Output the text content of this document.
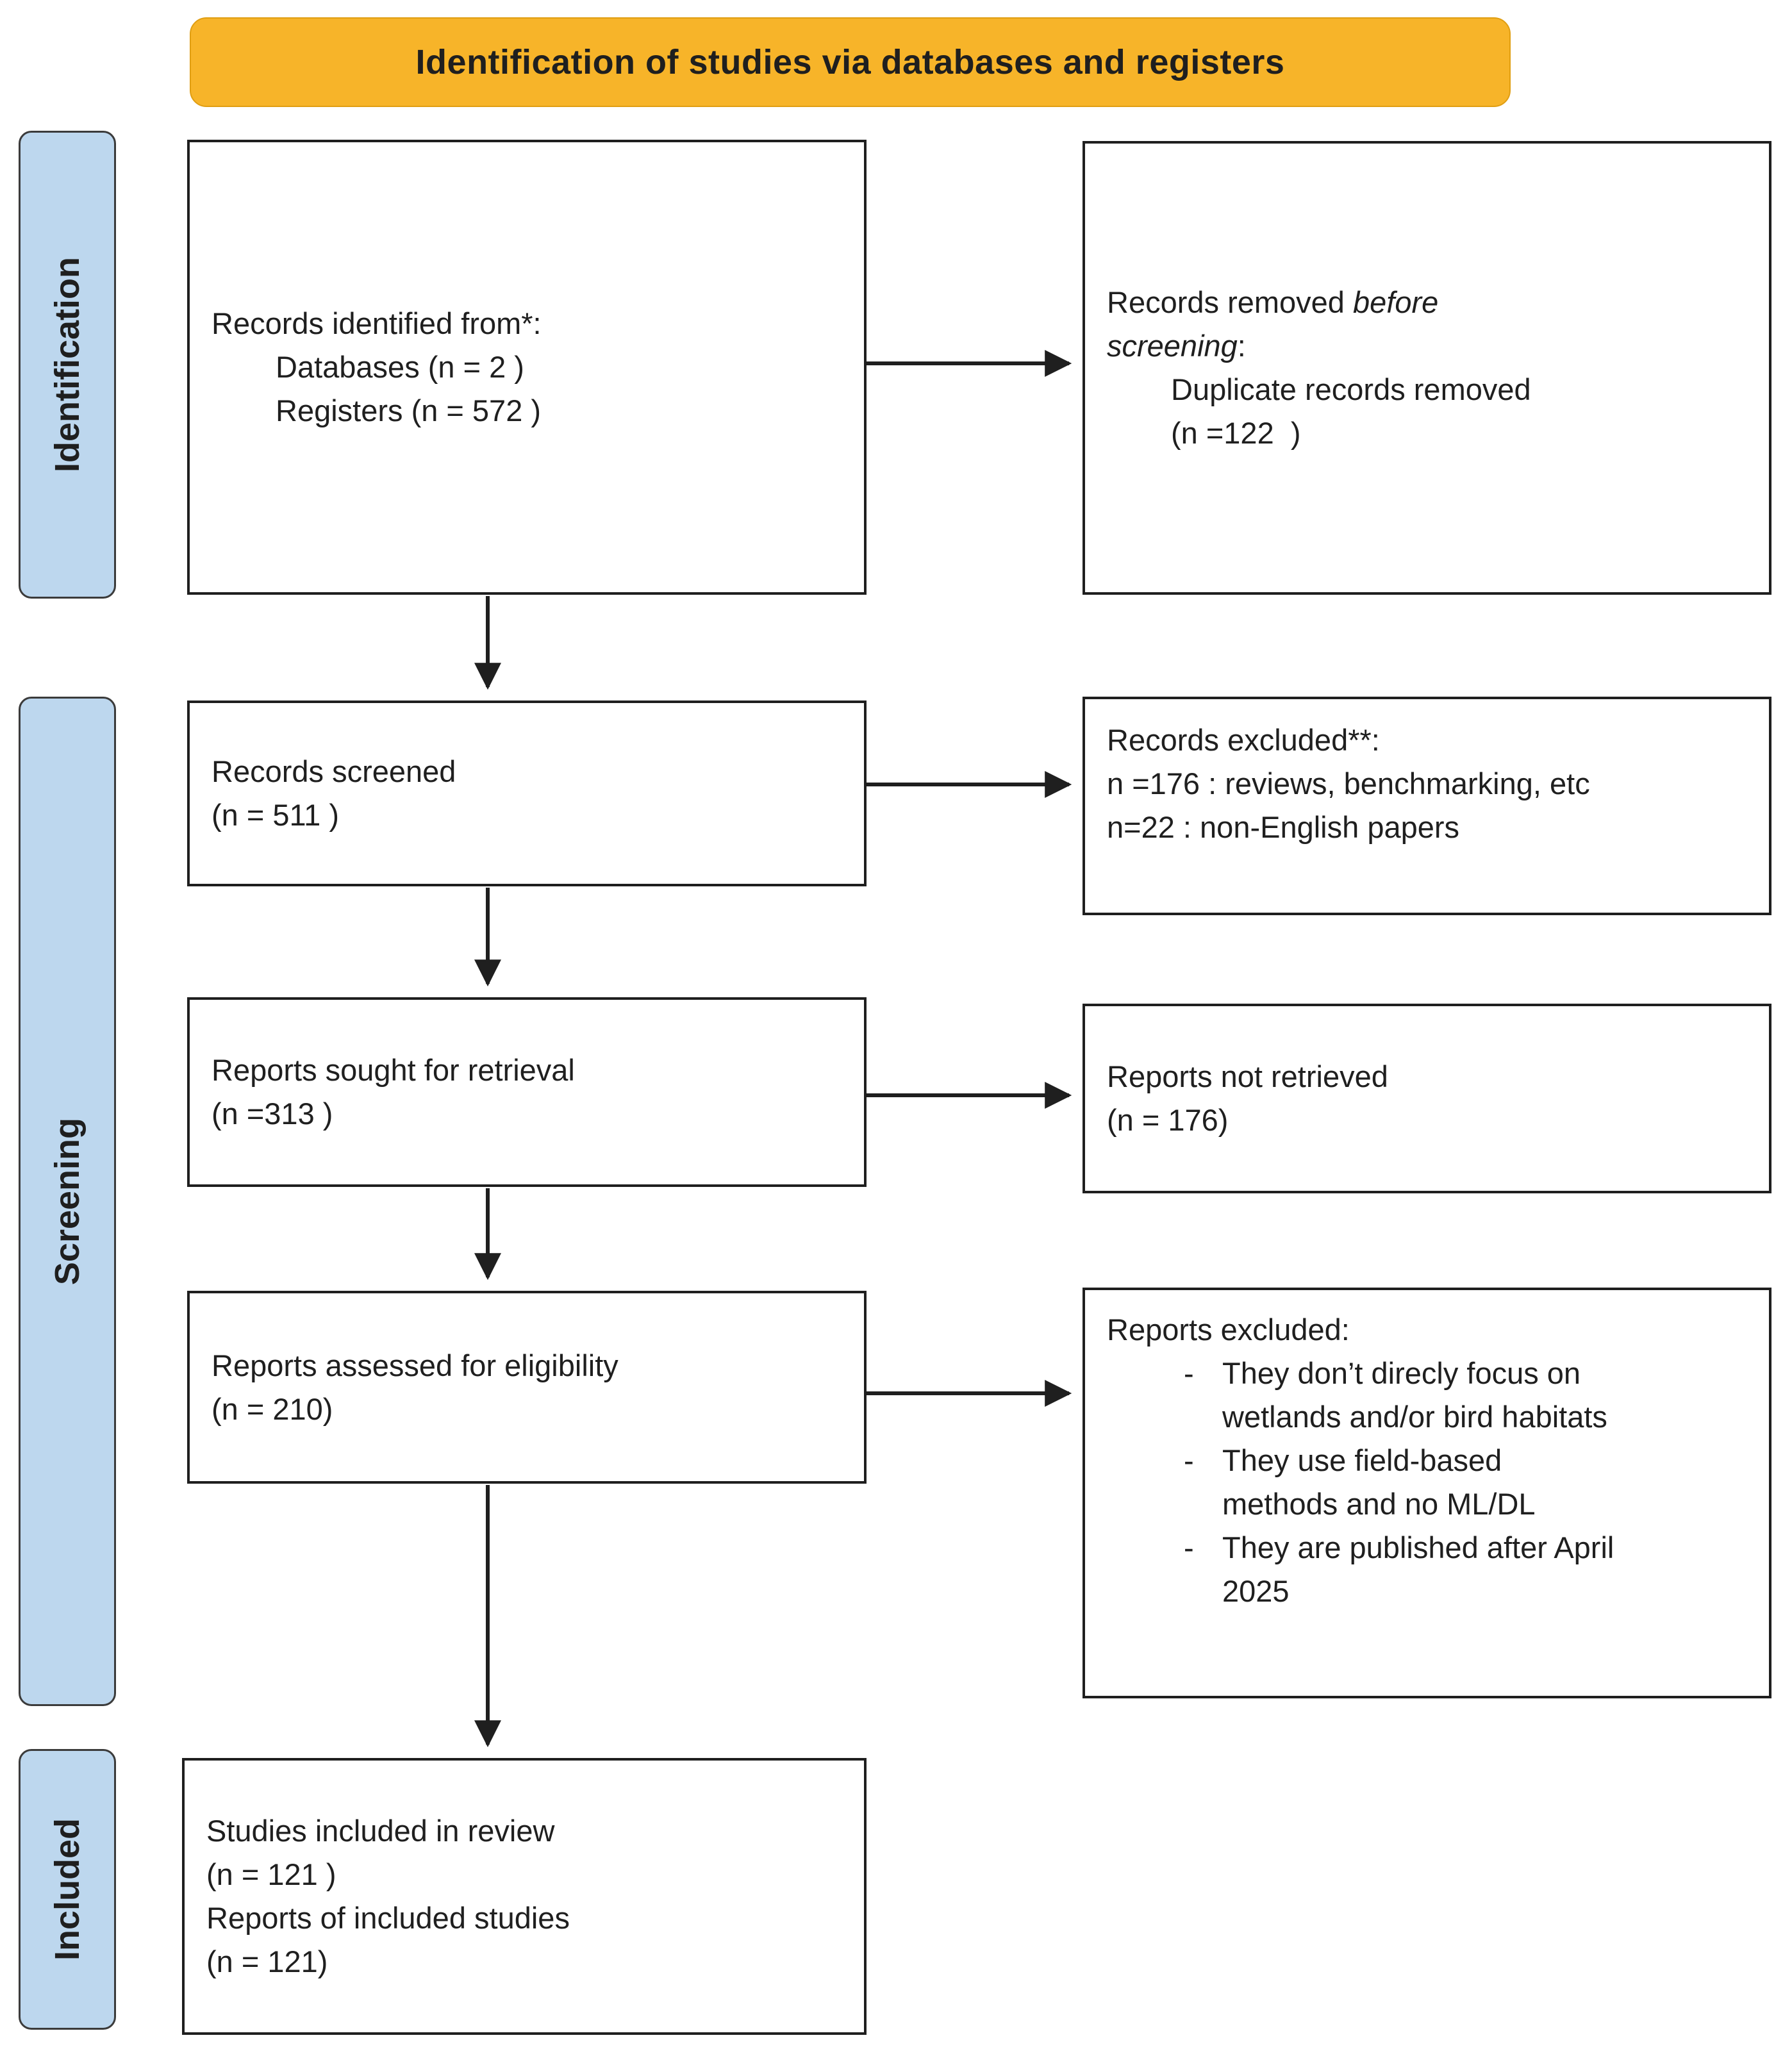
Identification of studies via databases and registers
Identification
Screening
Included
Records identified from*:
Databases (n = 2 )
Registers (n = 572 )
Records screened
(n = 511 )
Reports sought for retrieval
(n =313 )
Reports assessed for eligibility
(n = 210)
Studies included in review
(n = 121 )
Reports of included studies
(n = 121)
Records removed before screening:
Duplicate records removed
(n =122  )
Records excluded**:
n =176 : reviews, benchmarking, etc
n=22 : non-English papers
Reports not retrieved
(n = 176)
Reports excluded:
- They don’t direcly focus on wetlands and/or bird habitats
- They use field-based methods and no ML/DL
- They are published after April 2025
